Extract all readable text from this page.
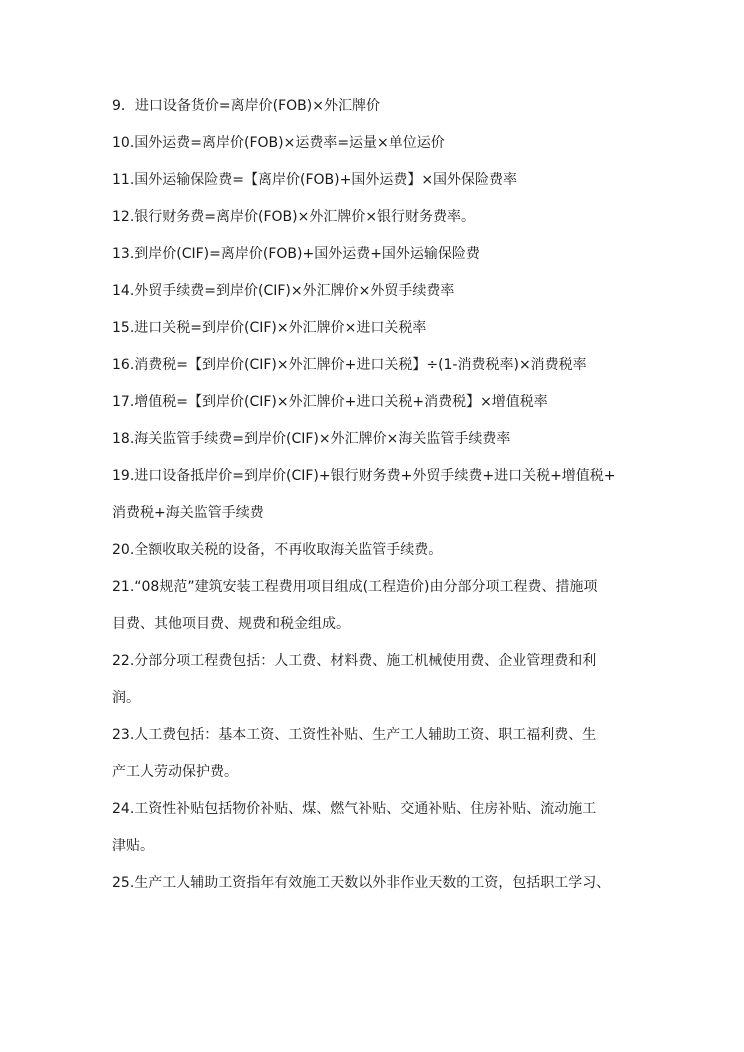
9．进口设备货价=离岸价(FOB)×外汇牌价
10.国外运费=离岸价(FOB)×运费率=运量×单位运价
11.国外运输保险费=【离岸价(FOB)+国外运费】×国外保险费率
12.银行财务费=离岸价(FOB)×外汇牌价×银行财务费率。
13.到岸价(CIF)=离岸价(FOB)+国外运费+国外运输保险费
14.外贸手续费=到岸价(CIF)×外汇牌价×外贸手续费率
15.进口关税=到岸价(CIF)×外汇牌价×进口关税率
16.消费税=【到岸价(CIF)×外汇牌价+进口关税】÷(1-消费税率)×消费税率
17.增值税=【到岸价(CIF)×外汇牌价+进口关税+消费税】×增值税率
18.海关监管手续费=到岸价(CIF)×外汇牌价×海关监管手续费率
19.进口设备抵岸价=到岸价(CIF)+银行财务费+外贸手续费+进口关税+增值税+
消费税+海关监管手续费
20.全额收取关税的设备，不再收取海关监管手续费。
21.“08规范”建筑安装工程费用项目组成(工程造价)由分部分项工程费、措施项
目费、其他项目费、规费和税金组成。
22.分部分项工程费包括：人工费、材料费、施工机械使用费、企业管理费和利
润。
23.人工费包括：基本工资、工资性补贴、生产工人辅助工资、职工福利费、生
产工人劳动保护费。
24.工资性补贴包括物价补贴、煤、燃气补贴、交通补贴、住房补贴、流动施工
津贴。
25.生产工人辅助工资指年有效施工天数以外非作业天数的工资，包括职工学习、
